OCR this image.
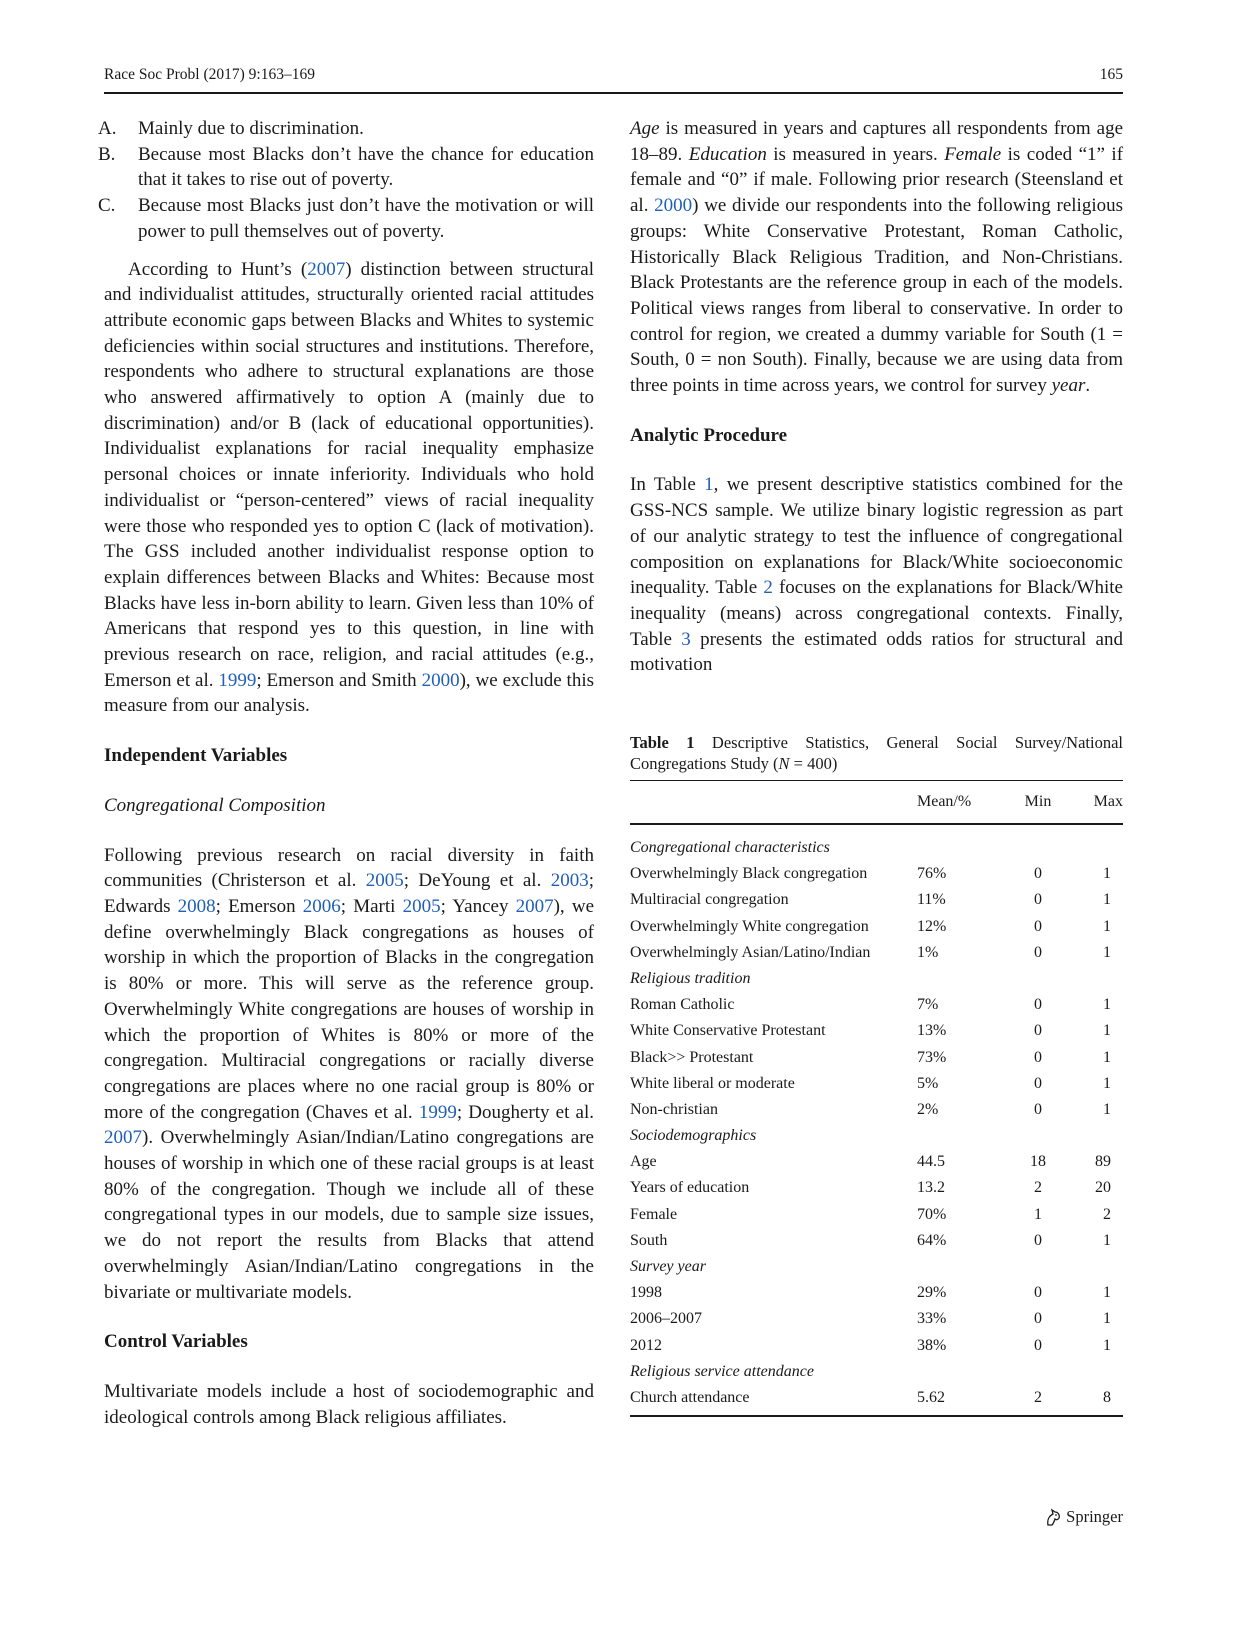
Race Soc Probl (2017) 9:163–169	165
A.	Mainly due to discrimination.
B.	Because most Blacks don’t have the chance for education that it takes to rise out of poverty.
C.	Because most Blacks just don’t have the motivation or will power to pull themselves out of poverty.

According to Hunt’s (2007) distinction between structural and individualist attitudes, structurally oriented racial attitudes attribute economic gaps between Blacks and Whites to systemic deficiencies within social structures and institutions. Therefore, respondents who adhere to structural explanations are those who answered affirmatively to option A (mainly due to discrimination) and/or B (lack of educational opportunities). Individualist explanations for racial inequality emphasize personal choices or innate inferiority. Individuals who hold individualist or “person-centered” views of racial inequality were those who responded yes to option C (lack of motivation). The GSS included another individualist response option to explain differences between Blacks and Whites: Because most Blacks have less in-born ability to learn. Given less than 10% of Americans that respond yes to this question, in line with previous research on race, religion, and racial attitudes (e.g., Emerson et al. 1999; Emerson and Smith 2000), we exclude this measure from our analysis.

Independent Variables

Congregational Composition

Following previous research on racial diversity in faith communities (Christerson et al. 2005; DeYoung et al. 2003; Edwards 2008; Emerson 2006; Marti 2005; Yancey 2007), we define overwhelmingly Black congregations as houses of worship in which the proportion of Blacks in the congregation is 80% or more. This will serve as the reference group. Overwhelmingly White congregations are houses of worship in which the proportion of Whites is 80% or more of the congregation. Multiracial congregations or racially diverse congregations are places where no one racial group is 80% or more of the congregation (Chaves et al. 1999; Dougherty et al. 2007). Overwhelmingly Asian/Indian/Latino congregations are houses of worship in which one of these racial groups is at least 80% of the congregation. Though we include all of these congregational types in our models, due to sample size issues, we do not report the results from Blacks that attend overwhelmingly Asian/Indian/Latino congregations in the bivariate or multivariate models.

Control Variables

Multivariate models include a host of sociodemographic and ideological controls among Black religious affiliates.

Age is measured in years and captures all respondents from age 18–89. Education is measured in years. Female is coded “1” if female and “0” if male. Following prior research (Steensland et al. 2000) we divide our respondents into the following religious groups: White Conservative Protestant, Roman Catholic, Historically Black Religious Tradition, and Non-Christians. Black Protestants are the reference group in each of the models. Political views ranges from liberal to conservative. In order to control for region, we created a dummy variable for South (1 = South, 0 = non South). Finally, because we are using data from three points in time across years, we control for survey year.

Analytic Procedure

In Table 1, we present descriptive statistics combined for the GSS-NCS sample. We utilize binary logistic regression as part of our analytic strategy to test the influence of congregational composition on explanations for Black/White socioeconomic inequality. Table 2 focuses on the explanations for Black/White inequality (means) across congregational contexts. Finally, Table 3 presents the estimated odds ratios for structural and motivation

Table 1 Descriptive Statistics, General Social Survey/National Congregations Study (N = 400)

	Mean/%	Min	Max
Congregational characteristics			
Overwhelmingly Black congregation	76%	0	1
Multiracial congregation	11%	0	1
Overwhelmingly White congregation	12%	0	1
Overwhelmingly Asian/Latino/Indian	1%	0	1
Religious tradition			
Roman Catholic	7%	0	1
White Conservative Protestant	13%	0	1
Black>> Protestant	73%	0	1
White liberal or moderate	5%	0	1
Non-christian	2%	0	1
Sociodemographics			
Age	44.5	18	89
Years of education	13.2	2	20
Female	70%	1	2
South	64%	0	1
Survey year			
1998	29%	0	1
2006–2007	33%	0	1
2012	38%	0	1
Religious service attendance			
Church attendance	5.62	2	8
Springer
